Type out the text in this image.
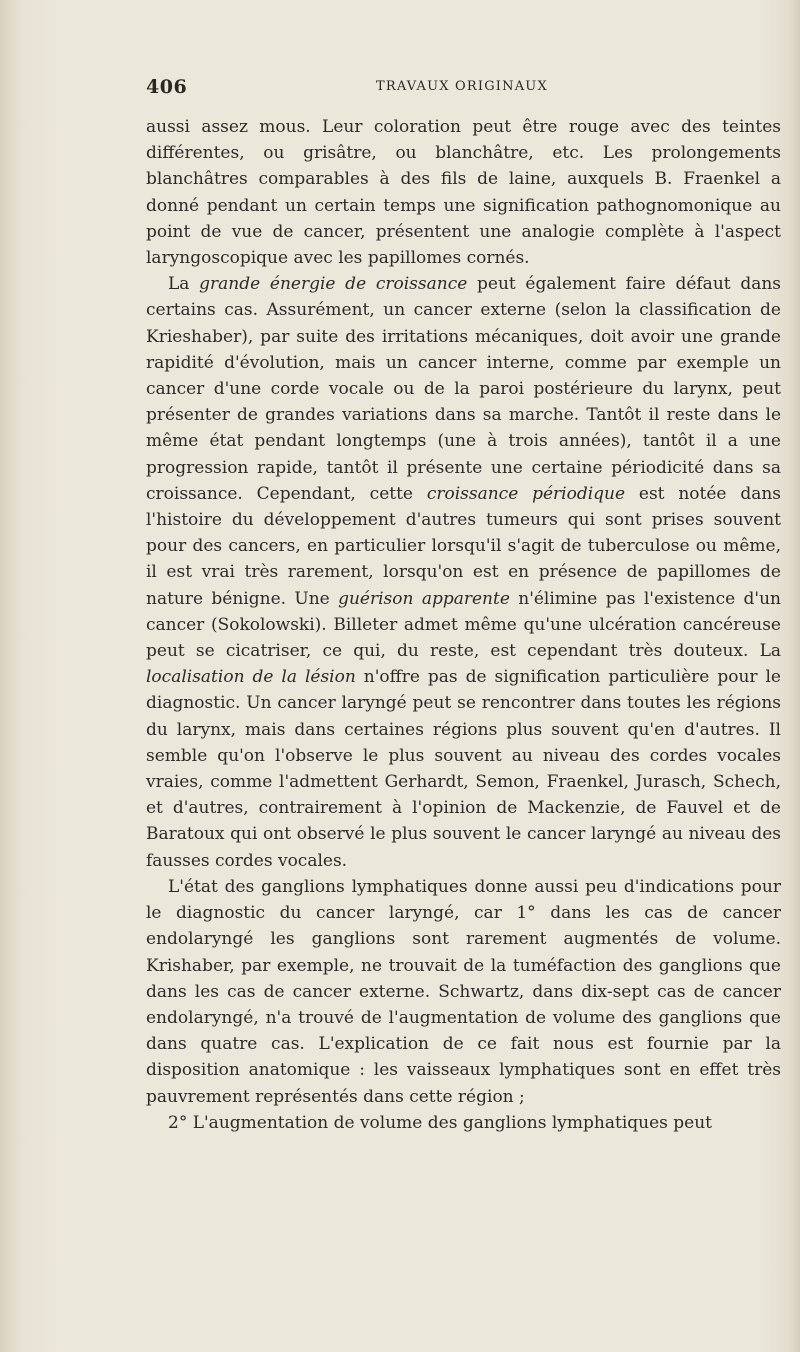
406	TRAVAUX ORIGINAUX

aussi assez mous. Leur coloration peut être rouge avec des teintes différentes, ou grisâtre, ou blanchâtre, etc. Les prolongements blanchâtres comparables à des fils de laine, auxquels B. Fraenkel a donné pendant un certain temps une signification pathognomonique au point de vue de cancer, présentent une analogie complète à l'aspect laryngoscopique avec les papillomes cornés.

La grande énergie de croissance peut également faire défaut dans certains cas. Assurément, un cancer externe (selon la classification de Krieshaber), par suite des irritations mécaniques, doit avoir une grande rapidité d'évolution, mais un cancer interne, comme par exemple un cancer d'une corde vocale ou de la paroi postérieure du larynx, peut présenter de grandes variations dans sa marche. Tantôt il reste dans le même état pendant longtemps (une à trois années), tantôt il a une progression rapide, tantôt il présente une certaine périodicité dans sa croissance. Cependant, cette croissance périodique est notée dans l'histoire du développement d'autres tumeurs qui sont prises souvent pour des cancers, en particulier lorsqu'il s'agit de tuberculose ou même, il est vrai très rarement, lorsqu'on est en présence de papillomes de nature bénigne. Une guérison apparente n'élimine pas l'existence d'un cancer (Sokolowski). Billeter admet même qu'une ulcération cancéreuse peut se cicatriser, ce qui, du reste, est cependant très douteux. La localisation de la lésion n'offre pas de signification particulière pour le diagnostic. Un cancer laryngé peut se rencontrer dans toutes les régions du larynx, mais dans certaines régions plus souvent qu'en d'autres. Il semble qu'on l'observe le plus souvent au niveau des cordes vocales vraies, comme l'admettent Gerhardt, Semon, Fraenkel, Jurasch, Schech, et d'autres, contrairement à l'opinion de Mackenzie, de Fauvel et de Baratoux qui ont observé le plus souvent le cancer laryngé au niveau des fausses cordes vocales.

L'état des ganglions lymphatiques donne aussi peu d'indications pour le diagnostic du cancer laryngé, car 1° dans les cas de cancer endolaryngé les ganglions sont rarement augmentés de volume. Krishaber, par exemple, ne trouvait de la tuméfaction des ganglions que dans les cas de cancer externe. Schwartz, dans dix-sept cas de cancer endolaryngé, n'a trouvé de l'augmentation de volume des ganglions que dans quatre cas. L'explication de ce fait nous est fournie par la disposition anatomique : les vaisseaux lymphatiques sont en effet très pauvrement représentés dans cette région ;

2° L'augmentation de volume des ganglions lymphatiques peut
